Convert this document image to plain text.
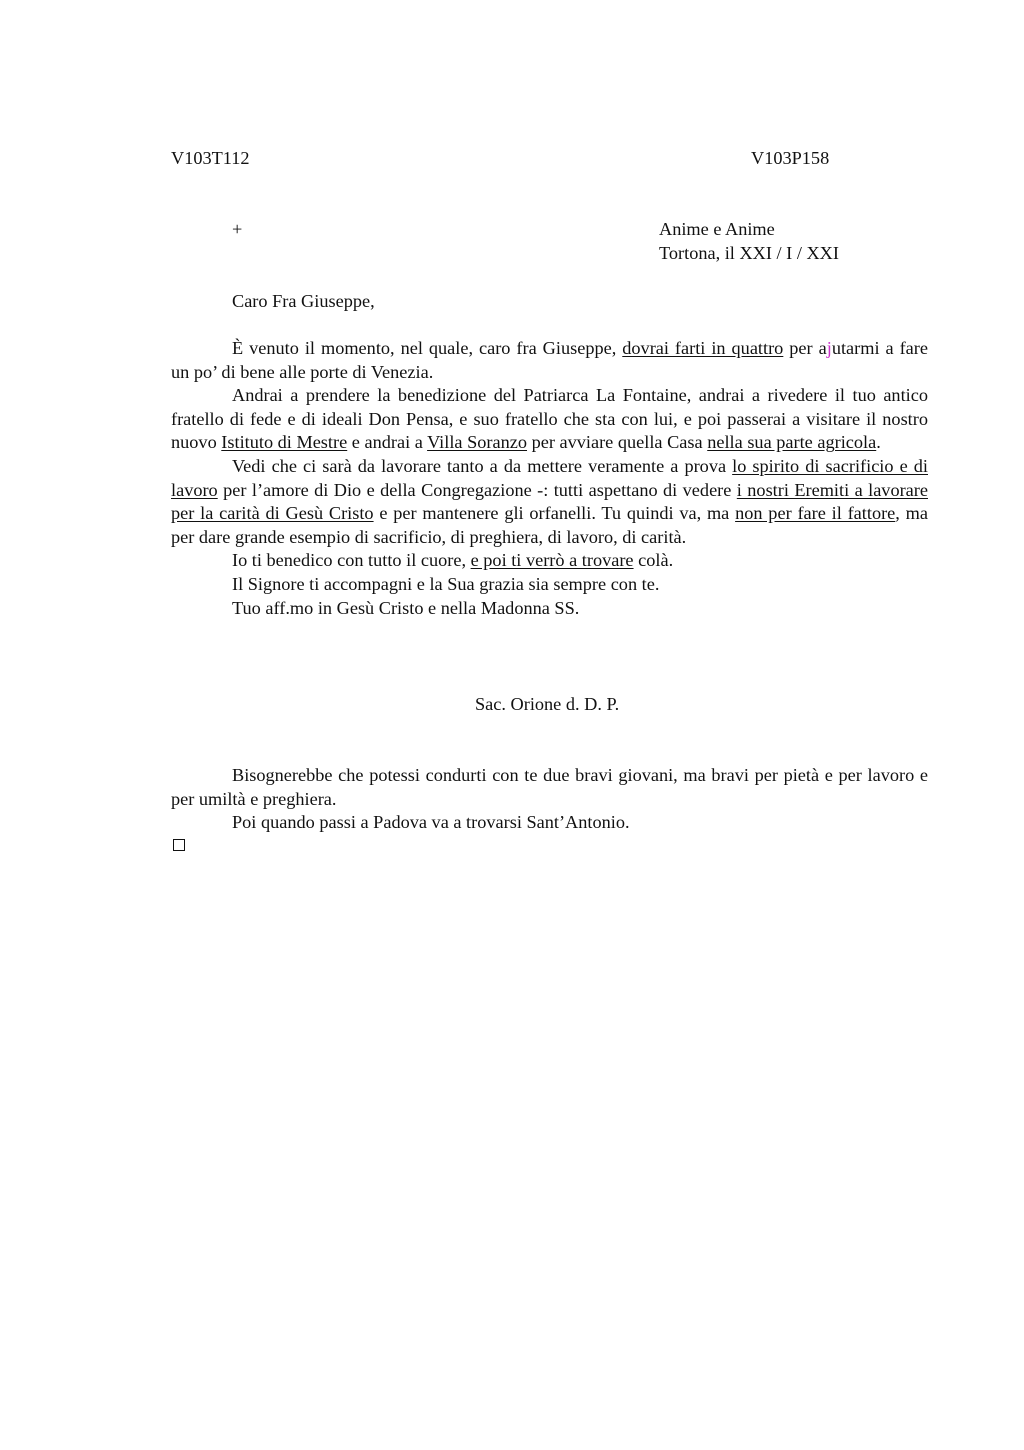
V103T112	V103P158
+	Anime e Anime
Tortona, il XXI / I / XXI
Caro Fra Giuseppe,

È venuto il momento, nel quale, caro fra Giuseppe, dovrai farti in quattro per ajutarmi a fare un po’ di bene alle porte di Venezia.

Andrai a prendere la benedizione del Patriarca La Fontaine, andrai a rivedere il tuo antico fratello di fede e di ideali Don Pensa, e suo fratello che sta con lui, e poi passerai a visitare il nostro nuovo Istituto di Mestre e andrai a Villa Soranzo per avviare quella Casa nella sua parte agricola.

Vedi che ci sarà da lavorare tanto a da mettere veramente a prova lo spirito di sacrificio e di lavoro per l’amore di Dio e della Congregazione -: tutti aspettano di vedere i nostri Eremiti a lavorare per la carità di Gesù Cristo e per mantenere gli orfanelli. Tu quindi va, ma non per fare il fattore, ma per dare grande esempio di sacrificio, di preghiera, di lavoro, di carità.

Io ti benedico con tutto il cuore, e poi ti verrò a trovare colà.

Il Signore ti accompagni e la Sua grazia sia sempre con te.

Tuo aff.mo in Gesù Cristo e nella Madonna SS.

Sac. Orione d. D. P.

Bisognerebbe che potessi condurti con te due bravi giovani, ma bravi per pietà e per lavoro e per umiltà e preghiera.

Poi quando passi a Padova va a trovarsi Sant’Antonio.
